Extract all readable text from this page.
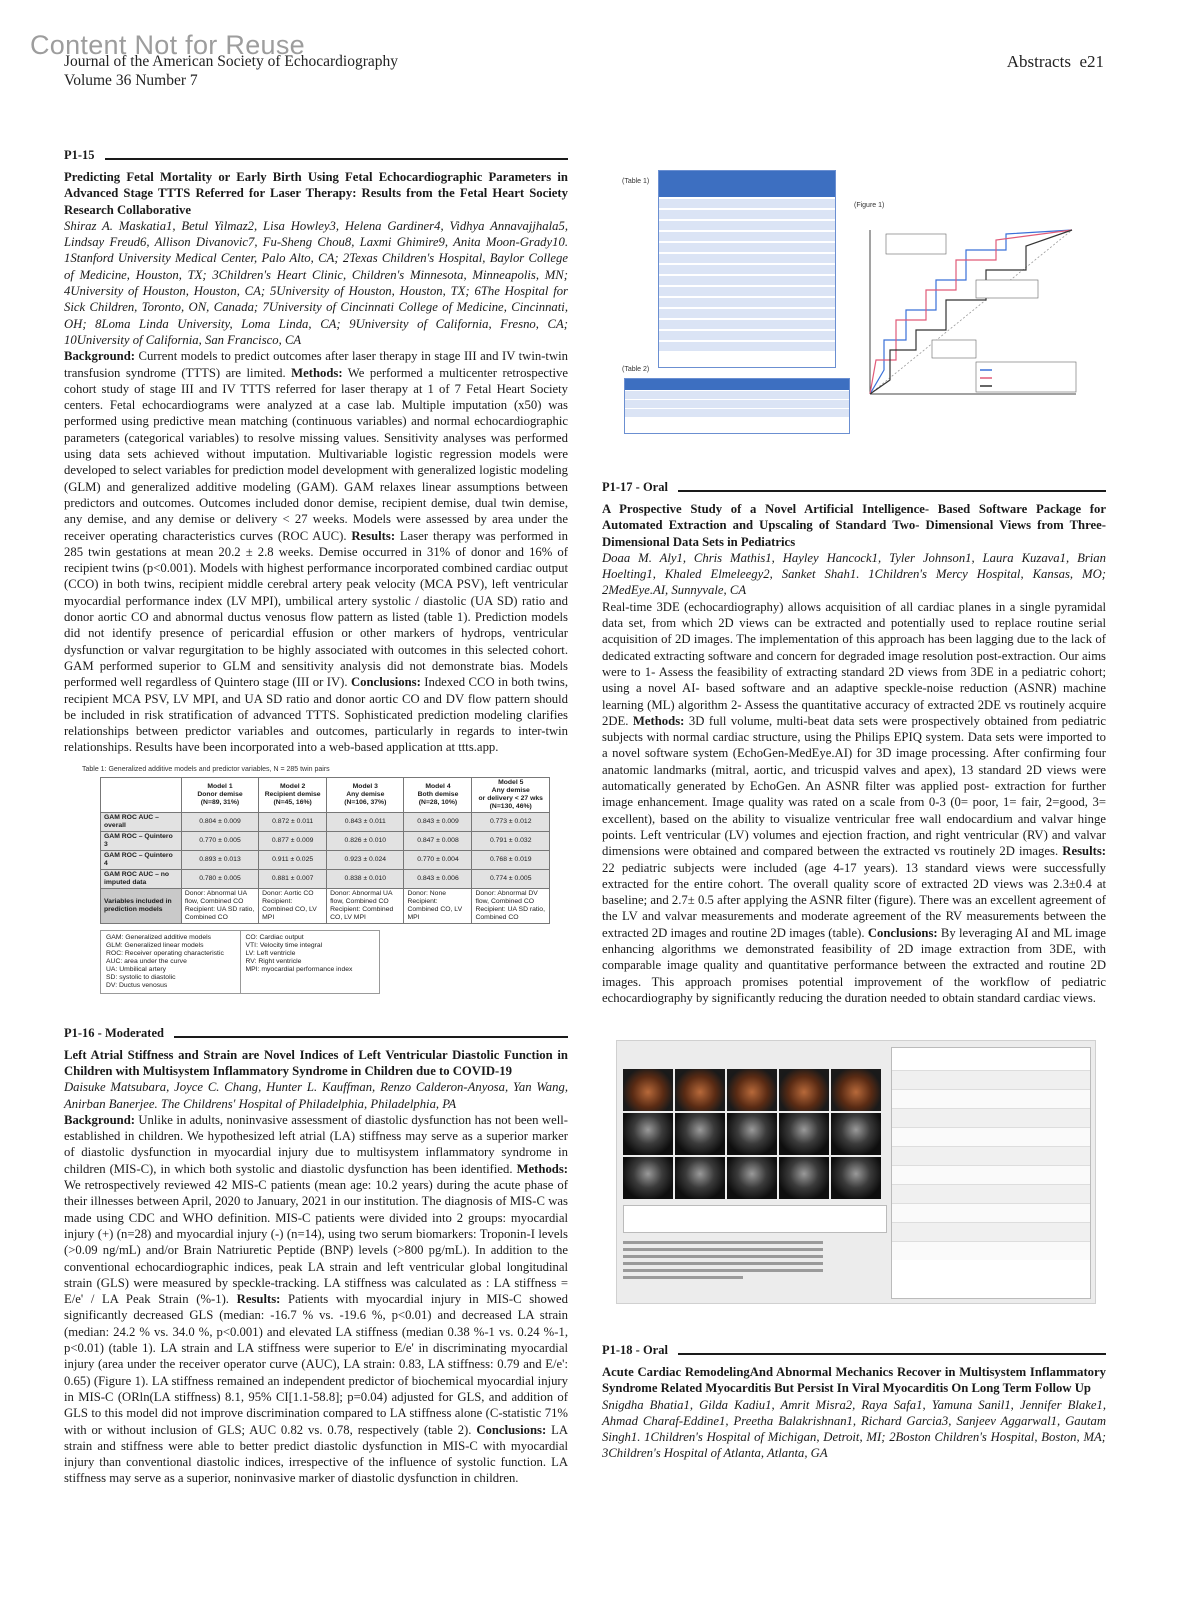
Content Not for Reuse
Journal of the American Society of Echocardiography
Volume 36 Number 7
Abstracts e21
P1-15
Predicting Fetal Mortality or Early Birth Using Fetal Echocardiographic Parameters in Advanced Stage TTTS Referred for Laser Therapy: Results from the Fetal Heart Society Research Collaborative
Shiraz A. Maskatia1, Betul Yilmaz2, Lisa Howley3, Helena Gardiner4, Vidhya Annavajjhala5, Lindsay Freud6, Allison Divanovic7, Fu-Sheng Chou8, Laxmi Ghimire9, Anita Moon-Grady10. 1Stanford University Medical Center, Palo Alto, CA; 2Texas Children's Hospital, Baylor College of Medicine, Houston, TX; 3Children's Heart Clinic, Children's Minnesota, Minneapolis, MN; 4University of Houston, Houston, CA; 5University of Houston, Houston, TX; 6The Hospital for Sick Children, Toronto, ON, Canada; 7University of Cincinnati College of Medicine, Cincinnati, OH; 8Loma Linda University, Loma Linda, CA; 9University of California, Fresno, CA; 10University of California, San Francisco, CA
Background: Current models to predict outcomes after laser therapy in stage III and IV twin-twin transfusion syndrome (TTTS) are limited. Methods: We performed a multicenter retrospective cohort study of stage III and IV TTTS referred for laser therapy at 1 of 7 Fetal Heart Society centers. Fetal echocardiograms were analyzed at a case lab. Multiple imputation (x50) was performed using predictive mean matching (continuous variables) and normal echocardiographic parameters (categorical variables) to resolve missing values. Sensitivity analyses was performed using data sets achieved without imputation. Multivariable logistic regression models were developed to select variables for prediction model development with generalized logistic modeling (GLM) and generalized additive modeling (GAM). GAM relaxes linear assumptions between predictors and outcomes. Outcomes included donor demise, recipient demise, dual twin demise, any demise, and any demise or delivery < 27 weeks. Models were assessed by area under the receiver operating characteristics curves (ROC AUC). Results: Laser therapy was performed in 285 twin gestations at mean 20.2 ± 2.8 weeks. Demise occurred in 31% of donor and 16% of recipient twins (p<0.001). Models with highest performance incorporated combined cardiac output (CCO) in both twins, recipient middle cerebral artery peak velocity (MCA PSV), left ventricular myocardial performance index (LV MPI), umbilical artery systolic / diastolic (UA SD) ratio and donor aortic CO and abnormal ductus venosus flow pattern as listed (table 1). Prediction models did not identify presence of pericardial effusion or other markers of hydrops, ventricular dysfunction or valvar regurgitation to be highly associated with outcomes in this selected cohort. GAM performed superior to GLM and sensitivity analysis did not demonstrate bias. Models performed well regardless of Quintero stage (III or IV). Conclusions: Indexed CCO in both twins, recipient MCA PSV, LV MPI, and UA SD ratio and donor aortic CO and DV flow pattern should be included in risk stratification of advanced TTTS. Sophisticated prediction modeling clarifies relationships between predictor variables and outcomes, particularly in regards to inter-twin relationships. Results have been incorporated into a web-based application at ttts.app.
Table 1: Generalized additive models and predictor variables, N = 285 twin pairs
	Model 1
Donor demise
(N=89, 31%)	Model 2
Recipient demise
(N=45, 16%)	Model 3
Any demise
(N=106, 37%)	Model 4
Both demise
(N=28, 10%)	Model 5
Any demise
or delivery < 27 wks
(N=130, 46%)
GAM ROC AUC – overall	0.804 ± 0.009	0.872 ± 0.011	0.843 ± 0.011	0.843 ± 0.009	0.773 ± 0.012
GAM ROC – Quintero 3	0.770 ± 0.005	0.877 ± 0.009	0.826 ± 0.010	0.847 ± 0.008	0.791 ± 0.032
GAM ROC – Quintero 4	0.893 ± 0.013	0.911 ± 0.025	0.923 ± 0.024	0.770 ± 0.004	0.768 ± 0.019
GAM ROC AUC – no imputed data	0.780 ± 0.005	0.881 ± 0.007	0.838 ± 0.010	0.843 ± 0.006	0.774 ± 0.005
Variables included in prediction models	Donor: Abnormal UA flow, Combined CO
Recipient: UA SD ratio, Combined CO	Donor: Aortic CO
Recipient: Combined CO, LV MPI	Donor: Abnormal UA flow, Combined CO
Recipient: Combined CO, LV MPI	Donor: None
Recipient: Combined CO, LV MPI	Donor: Abnormal DV flow, Combined CO
Recipient: UA SD ratio, Combined CO
GAM: Generalized additive models
GLM: Generalized linear models
ROC: Receiver operating characteristic
AUC: area under the curve
UA: Umbilical artery
SD: systolic to diastolic
DV: Ductus venosus
CO: Cardiac output
VTI: Velocity time integral
LV: Left ventricle
RV: Right ventricle
MPI: myocardial performance index
P1-16 - Moderated
Left Atrial Stiffness and Strain are Novel Indices of Left Ventricular Diastolic Function in Children with Multisystem Inflammatory Syndrome in Children due to COVID-19
Daisuke Matsubara, Joyce C. Chang, Hunter L. Kauffman, Renzo Calderon-Anyosa, Yan Wang, Anirban Banerjee. The Childrens' Hospital of Philadelphia, Philadelphia, PA
Background: Unlike in adults, noninvasive assessment of diastolic dysfunction has not been well-established in children. We hypothesized left atrial (LA) stiffness may serve as a superior marker of diastolic dysfunction in myocardial injury due to multisystem inflammatory syndrome in children (MIS-C), in which both systolic and diastolic dysfunction has been identified. Methods: We retrospectively reviewed 42 MIS-C patients (mean age: 10.2 years) during the acute phase of their illnesses between April, 2020 to January, 2021 in our institution. The diagnosis of MIS-C was made using CDC and WHO definition. MIS-C patients were divided into 2 groups: myocardial injury (+) (n=28) and myocardial injury (-) (n=14), using two serum biomarkers: Troponin-I levels (>0.09 ng/mL) and/or Brain Natriuretic Peptide (BNP) levels (>800 pg/mL). In addition to the conventional echocardiographic indices, peak LA strain and left ventricular global longitudinal strain (GLS) were measured by speckle-tracking. LA stiffness was calculated as : LA stiffness = E/e' / LA Peak Strain (%-1). Results: Patients with myocardial injury in MIS-C showed significantly decreased GLS (median: -16.7 % vs. -19.6 %, p<0.01) and decreased LA strain (median: 24.2 % vs. 34.0 %, p<0.001) and elevated LA stiffness (median 0.38 %-1 vs. 0.24 %-1, p<0.01) (table 1). LA strain and LA stiffness were superior to E/e' in discriminating myocardial injury (area under the receiver operator curve (AUC), LA strain: 0.83, LA stiffness: 0.79 and E/e': 0.65) (Figure 1). LA stiffness remained an independent predictor of biochemical myocardial injury in MIS-C (ORln(LA stiffness) 8.1, 95% CI[1.1-58.8]; p=0.04) adjusted for GLS, and addition of GLS to this model did not improve discrimination compared to LA stiffness alone (C-statistic 71% with or without inclusion of GLS; AUC 0.82 vs. 0.78, respectively (table 2). Conclusions: LA strain and stiffness were able to better predict diastolic dysfunction in MIS-C with myocardial injury than conventional diastolic indices, irrespective of the influence of systolic function. LA stiffness may serve as a superior, noninvasive marker of diastolic dysfunction in children.
(Table 1)
(Table 2)
(Figure 1)
P1-17 - Oral
A Prospective Study of a Novel Artificial Intelligence- Based Software Package for Automated Extraction and Upscaling of Standard Two- Dimensional Views from Three-Dimensional Data Sets in Pediatrics
Doaa M. Aly1, Chris Mathis1, Hayley Hancock1, Tyler Johnson1, Laura Kuzava1, Brian Hoelting1, Khaled Elmeleegy2, Sanket Shah1. 1Children's Mercy Hospital, Kansas, MO; 2MedEye.AI, Sunnyvale, CA
Real-time 3DE (echocardiography) allows acquisition of all cardiac planes in a single pyramidal data set, from which 2D views can be extracted and potentially used to replace routine serial acquisition of 2D images. The implementation of this approach has been lagging due to the lack of dedicated extracting software and concern for degraded image resolution post-extraction. Our aims were to 1- Assess the feasibility of extracting standard 2D views from 3DE in a pediatric cohort; using a novel AI- based software and an adaptive speckle-noise reduction (ASNR) machine learning (ML) algorithm 2- Assess the quantitative accuracy of extracted 2DE vs routinely acquire 2DE. Methods: 3D full volume, multi-beat data sets were prospectively obtained from pediatric subjects with normal cardiac structure, using the Philips EPIQ system. Data sets were imported to a novel software system (EchoGen-MedEye.AI) for 3D image processing. After confirming four anatomic landmarks (mitral, aortic, and tricuspid valves and apex), 13 standard 2D views were automatically generated by EchoGen. An ASNR filter was applied post- extraction for further image enhancement. Image quality was rated on a scale from 0-3 (0= poor, 1= fair, 2=good, 3= excellent), based on the ability to visualize ventricular free wall endocardium and valvar hinge points. Left ventricular (LV) volumes and ejection fraction, and right ventricular (RV) and valvar dimensions were obtained and compared between the extracted vs routinely 2D images. Results: 22 pediatric subjects were included (age 4-17 years). 13 standard views were successfully extracted for the entire cohort. The overall quality score of extracted 2D views was 2.3±0.4 at baseline; and 2.7± 0.5 after applying the ASNR filter (figure). There was an excellent agreement of the LV and valvar measurements and moderate agreement of the RV measurements between the extracted 2D images and routine 2D images (table). Conclusions: By leveraging AI and ML image enhancing algorithms we demonstrated feasibility of 2D image extraction from 3DE, with comparable image quality and quantitative performance between the extracted and routine 2D images. This approach promises potential improvement of the workflow of pediatric echocardiography by significantly reducing the duration needed to obtain standard cardiac views.
P1-18 - Oral
Acute Cardiac RemodelingAnd Abnormal Mechanics Recover in Multisystem Inflammatory Syndrome Related Myocarditis But Persist In Viral Myocarditis On Long Term Follow Up
Snigdha Bhatia1, Gilda Kadiu1, Amrit Misra2, Raya Safa1, Yamuna Sanil1, Jennifer Blake1, Ahmad Charaf-Eddine1, Preetha Balakrishnan1, Richard Garcia3, Sanjeev Aggarwal1, Gautam Singh1. 1Children's Hospital of Michigan, Detroit, MI; 2Boston Children's Hospital, Boston, MA; 3Children's Hospital of Atlanta, Atlanta, GA
